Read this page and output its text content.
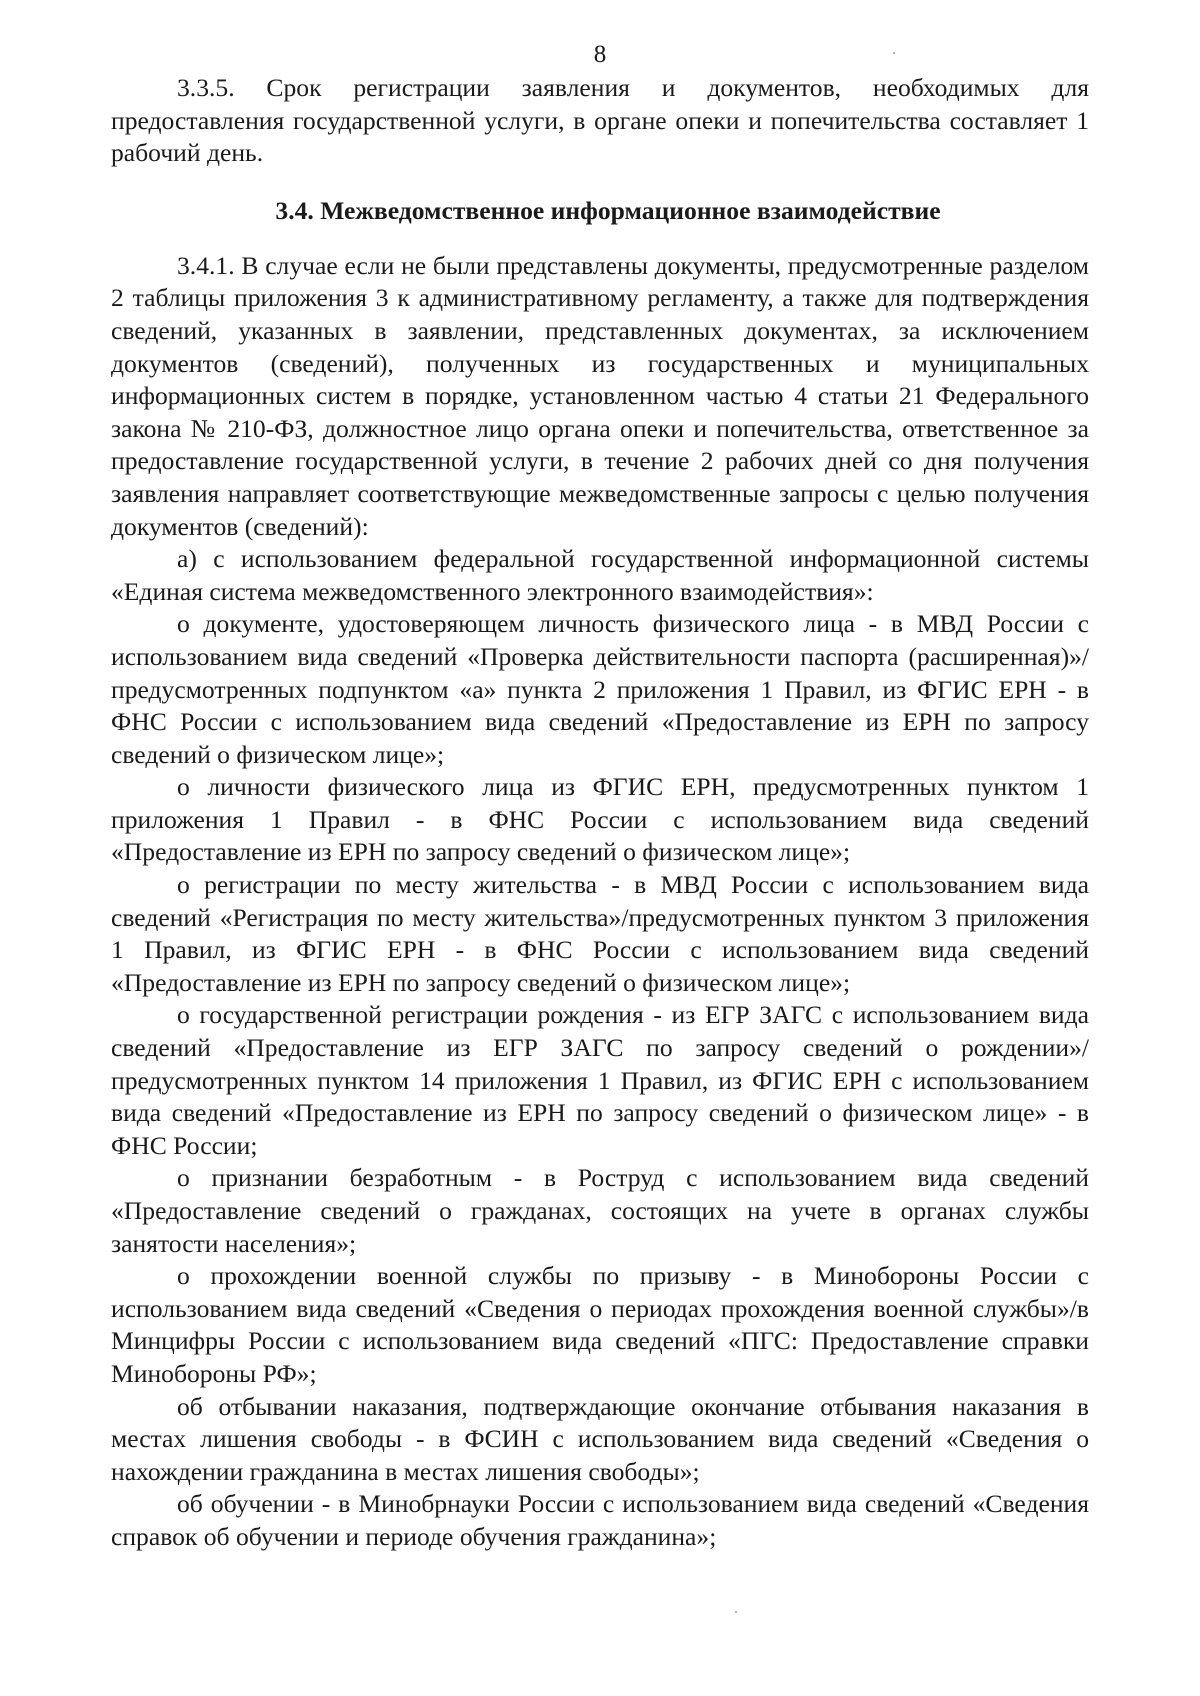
8

3.3.5. Срок регистрации заявления и документов, необходимых для предоставления государственной услуги, в органе опеки и попечительства составляет 1 рабочий день.

3.4. Межведомственное информационное взаимодействие

3.4.1. В случае если не были представлены документы, предусмотренные разделом 2 таблицы приложения 3 к административному регламенту, а также для подтверждения сведений, указанных в заявлении, представленных документах, за исключением документов (сведений), полученных из государственных и муниципальных информационных систем в порядке, установленном частью 4 статьи 21 Федерального закона № 210-ФЗ, должностное лицо органа опеки и попечительства, ответственное за предоставление государственной услуги, в течение 2 рабочих дней со дня получения заявления направляет соответствующие межведомственные запросы с целью получения документов (сведений):

а) с использованием федеральной государственной информационной системы «Единая система межведомственного электронного взаимодействия»:

о документе, удостоверяющем личность физического лица - в МВД России с использованием вида сведений «Проверка действительности паспорта (расширенная)»/предусмотренных подпунктом «а» пункта 2 приложения 1 Правил, из ФГИС ЕРН - в ФНС России с использованием вида сведений «Предоставление из ЕРН по запросу сведений о физическом лице»;

о личности физического лица из ФГИС ЕРН, предусмотренных пунктом 1 приложения 1 Правил - в ФНС России с использованием вида сведений «Предоставление из ЕРН по запросу сведений о физическом лице»;

о регистрации по месту жительства - в МВД России с использованием вида сведений «Регистрация по месту жительства»/предусмотренных пунктом 3 приложения 1 Правил, из ФГИС ЕРН - в ФНС России с использованием вида сведений «Предоставление из ЕРН по запросу сведений о физическом лице»;

о государственной регистрации рождения - из ЕГР ЗАГС с использованием вида сведений «Предоставление из ЕГР ЗАГС по запросу сведений о рождении»/предусмотренных пунктом 14 приложения 1 Правил, из ФГИС ЕРН с использованием вида сведений «Предоставление из ЕРН по запросу сведений о физическом лице» - в ФНС России;

о признании безработным - в Роструд с использованием вида сведений «Предоставление сведений о гражданах, состоящих на учете в органах службы занятости населения»;

о прохождении военной службы по призыву - в Минобороны России с использованием вида сведений «Сведения о периодах прохождения военной службы»/в Минцифры России с использованием вида сведений «ПГС: Предоставление справки Минобороны РФ»;

об отбывании наказания, подтверждающие окончание отбывания наказания в местах лишения свободы - в ФСИН с использованием вида сведений «Сведения о нахождении гражданина в местах лишения свободы»;

об обучении - в Минобрнауки России с использованием вида сведений «Сведения справок об обучении и периоде обучения гражданина»;
